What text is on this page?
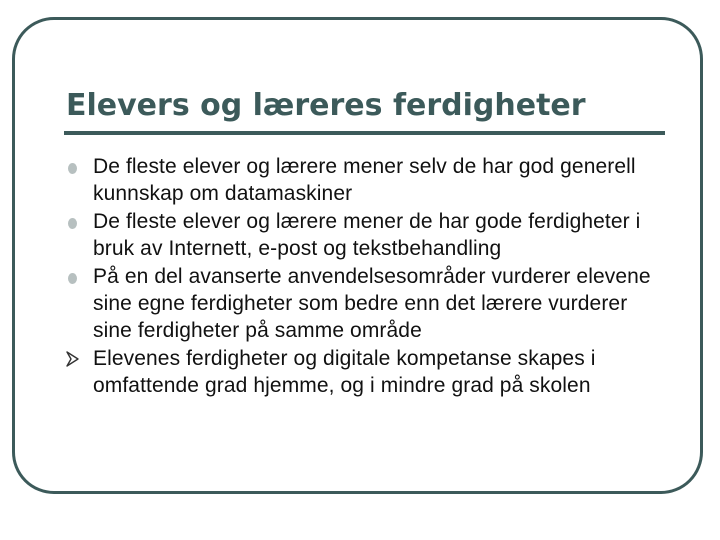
Elevers og læreres ferdigheter
De fleste elever og lærere mener selv de har god generell kunnskap om datamaskiner
De fleste elever og lærere mener de har gode ferdigheter i bruk av Internett, e-post og tekstbehandling
På en del avanserte anvendelsesområder vurderer elevene sine egne ferdigheter som bedre enn det lærere vurderer sine ferdigheter på samme område
Elevenes ferdigheter og digitale kompetanse skapes i omfattende grad hjemme, og i mindre grad på skolen
